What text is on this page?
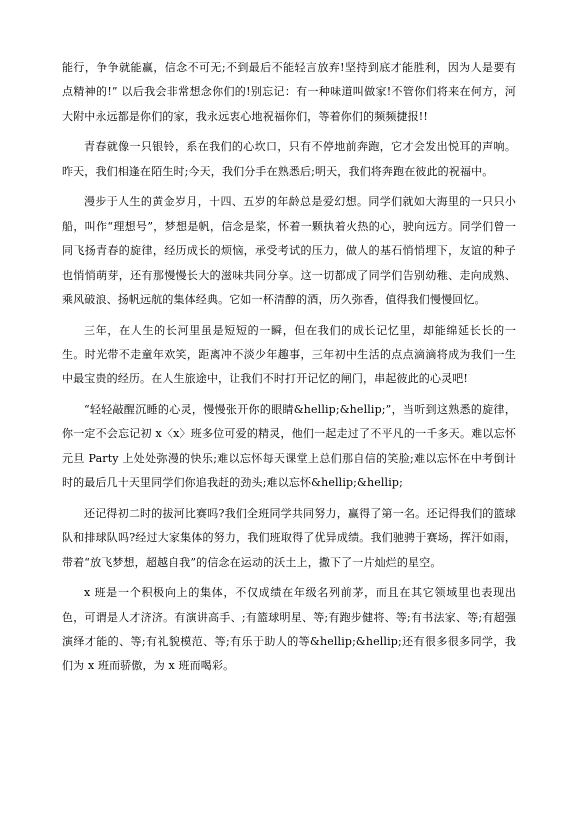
能行，争争就能赢，信念不可无;不到最后不能轻言放弃!坚持到底才能胜利，因为人是要有点精神的!” 以后我会非常想念你们的!别忘记：有一种味道叫做家!不管你们将来在何方，河大附中永远都是你们的家，我永远衷心地祝福你们，等着你们的频频捷报!!

青春就像一只银铃，系在我们的心坎口，只有不停地前奔跑，它才会发出悦耳的声响。昨天，我们相逢在陌生时;今天，我们分手在熟悉后;明天，我们将奔跑在彼此的祝福中。

漫步于人生的黄金岁月，十四、五岁的年龄总是爱幻想。同学们就如大海里的一只只小船，叫作“理想号”，梦想是帆，信念是桨，怀着一颗执着火热的心，驶向远方。同学们曾一同飞扬青春的旋律，经历成长的烦恼，承受考试的压力，做人的基石悄悄埋下，友谊的种子也悄悄萌芽，还有那慢慢长大的滋味共同分享。这一切都成了同学们告别幼稚、走向成熟、乘风破浪、扬帆远航的集体经典。它如一杯清醇的酒，历久弥香，值得我们慢慢回忆。

三年，在人生的长河里虽是短短的一瞬，但在我们的成长记忆里，却能绵延长长的一生。时光带不走童年欢笑，距离冲不淡少年趣事，三年初中生活的点点滴滴将成为我们一生中最宝贵的经历。在人生旅途中，让我们不时打开记忆的闸门，串起彼此的心灵吧!

“轻轻敲醒沉睡的心灵，慢慢张开你的眼睛&hellip;&hellip;”，当听到这熟悉的旋律，你一定不会忘记初 x〈x〉班多位可爱的精灵，他们一起走过了不平凡的一千多天。难以忘怀元旦 Party 上处处弥漫的快乐;难以忘怀每天课堂上总们那自信的笑脸;难以忘怀在中考倒计时的最后几十天里同学们你追我赶的劲头;难以忘怀&hellip;&hellip;

还记得初二时的拔河比赛吗?我们全班同学共同努力，赢得了第一名。还记得我们的篮球队和排球队吗?经过大家集体的努力，我们班取得了优异成绩。我们驰骋于赛场，挥汗如雨，带着“放飞梦想，超越自我”的信念在运动的沃土上，撒下了一片灿烂的星空。

x 班是一个积极向上的集体，不仅成绩在年级名列前茅，而且在其它领域里也表现出色，可谓是人才济济。有演讲高手、;有篮球明星、等;有跑步健将、等;有书法家、等;有超强演绎才能的、等;有礼貌模范、等;有乐于助人的等&hellip;&hellip;还有很多很多同学，我们为 x 班而骄傲，为 x 班而喝彩。
